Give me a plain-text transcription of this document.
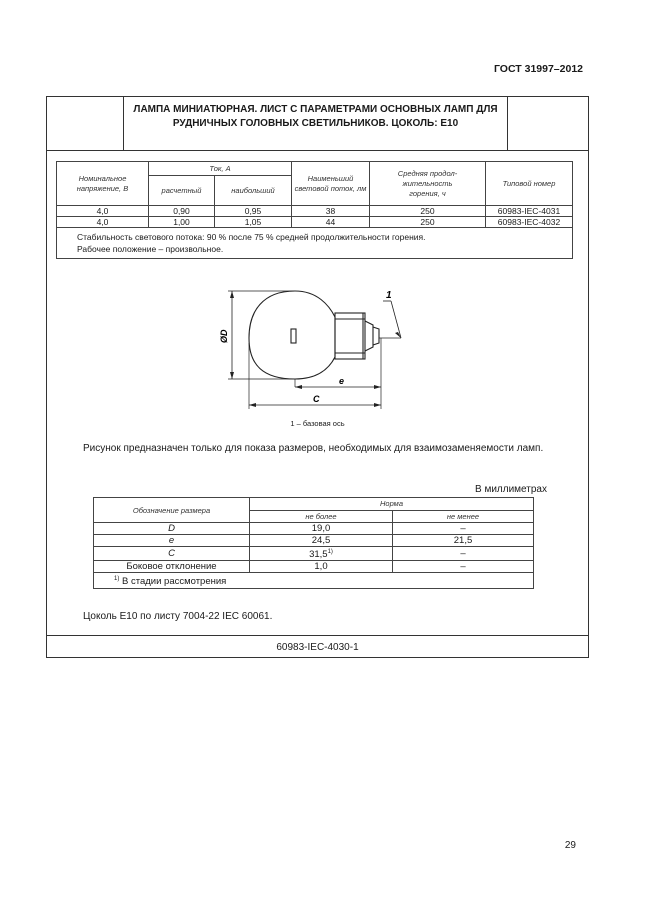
ГОСТ 31997–2012
ЛАМПА МИНИАТЮРНАЯ. ЛИСТ С ПАРАМЕТРАМИ ОСНОВНЫХ ЛАМП ДЛЯ РУДНИЧНЫХ ГОЛОВНЫХ СВЕТИЛЬНИКОВ. ЦОКОЛЬ: E10
Номинальное напряжение, В	Ток, А		Наименьший световой поток, лм	Средняя продол-жительность горения, ч	Типовой номер
	расчетный	наибольший			
4,0	0,90	0,95	38	250	60983-IEC-4031
4,0	1,00	1,05	44	250	60983-IEC-4032

Стабильность светового потока: 90 % после 75 % средней продолжительности горения.
Рабочее положение – произвольное.					
ØD
e
C
1
1 – базовая ось
Рисунок предназначен только для показа размеров, необходимых для взаимозаменяемости ламп.
В миллиметрах
Обозначение размера	Норма	
	не более	не менее
D	19,0	–
e	24,5	21,5
C	31,5$^{1)}$	–
Боковое отклонение	1,0	–
$^{1)}$ В стадии рассмотрения		
Цоколь E10 по листу 7004-22 IEC 60061.
60983-IEC-4030-1
29
